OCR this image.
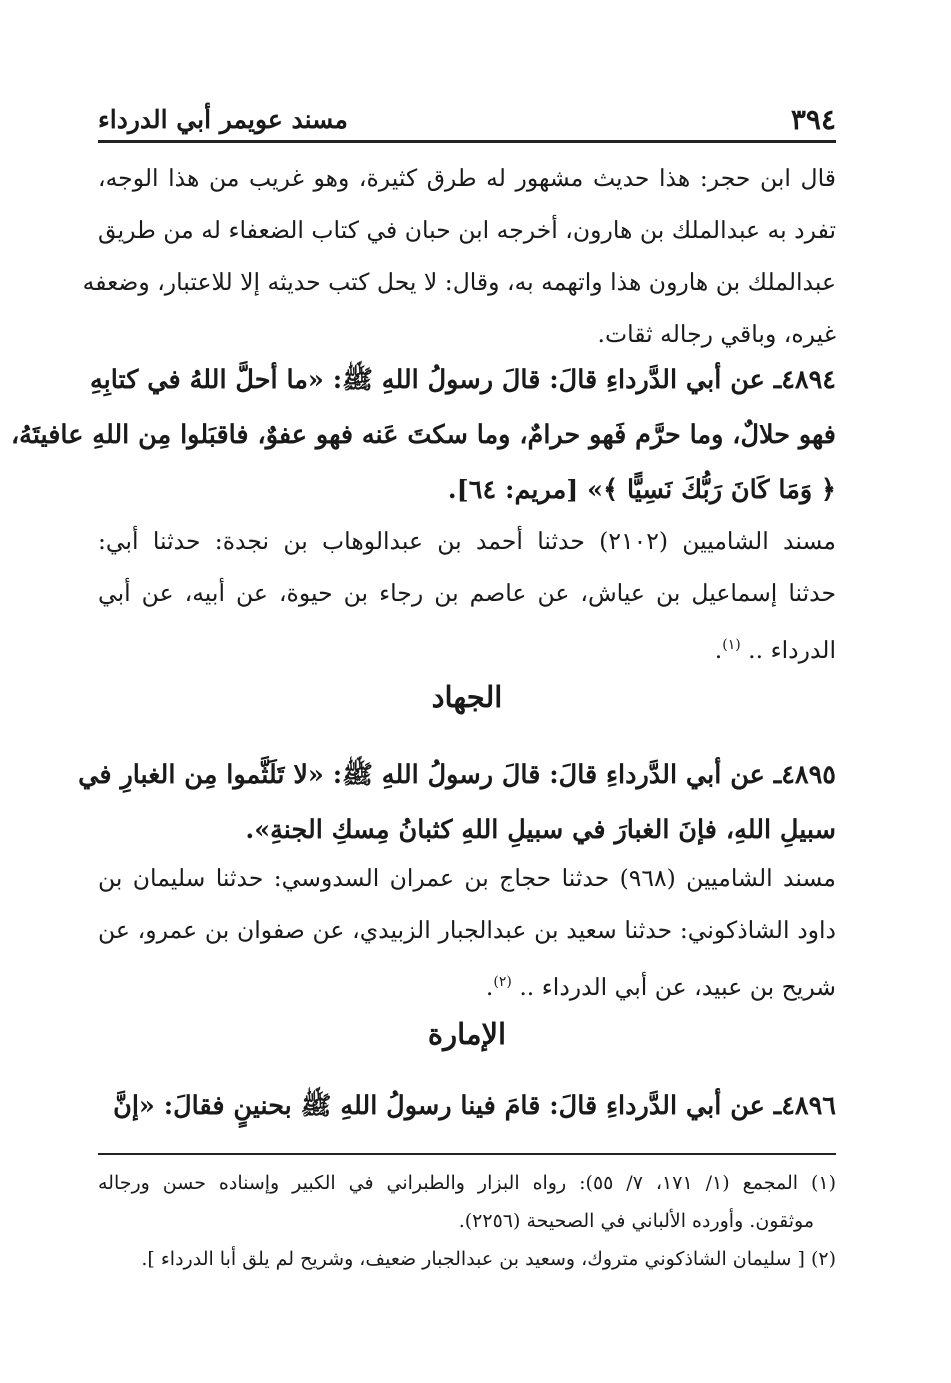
٣٩٤
مسند عويمر أبي الدرداء
قال ابن حجر: هذا حديث مشهور له طرق كثيرة، وهو غريب من هذا الوجه،
تفرد به عبدالملك بن هارون، أخرجه ابن حبان في كتاب الضعفاء له من طريق
عبدالملك بن هارون هذا واتهمه به، وقال: لا يحل كتب حديثه إلا للاعتبار، وضعفه
غيره، وباقي رجاله ثقات.
٤٨٩٤ـ عن أبي الدَّرداءِ قالَ: قالَ رسولُ اللهِ ﷺ: «ما أحلَّ اللهُ في كتابِهِ
فهو حلالٌ، وما حرَّم فَهو حرامٌ، وما سكتَ عَنه فهو عفوٌ، فاقبَلوا مِن اللهِ عافيتَهُ،
﴿ وَمَا كَانَ رَبُّكَ نَسِيًّا ﴾» [مريم: ٦٤].
مسند الشاميين (٢١٠٢) حدثنا أحمد بن عبدالوهاب بن نجدة: حدثنا أبي:
حدثنا إسماعيل بن عياش، عن عاصم بن رجاء بن حيوة، عن أبيه، عن أبي
الدرداء .. $^{(١)}$.
الجهاد
٤٨٩٥ـ عن أبي الدَّرداءِ قالَ: قالَ رسولُ اللهِ ﷺ: «لا تَلَثَّموا مِن الغبارِ في
سبيلِ اللهِ، فإنَ الغبارَ في سبيلِ اللهِ كثبانُ مِسكِ الجنةِ».
مسند الشاميين (٩٦٨) حدثنا حجاج بن عمران السدوسي: حدثنا سليمان بن
داود الشاذكوني: حدثنا سعيد بن عبدالجبار الزبيدي، عن صفوان بن عمرو، عن
شريح بن عبيد، عن أبي الدرداء .. $^{(٢)}$.
الإمارة
٤٨٩٦ـ عن أبي الدَّرداءِ قالَ: قامَ فينا رسولُ اللهِ ﷺ بحنينٍ فقالَ: «إنَّ
(١) المجمع (١/ ١٧١، ٧/ ٥٥): رواه البزار والطبراني في الكبير وإسناده حسن ورجاله
موثقون. وأورده الألباني في الصحيحة (٢٢٥٦).
(٢) [ سليمان الشاذكوني متروك، وسعيد بن عبدالجبار ضعيف، وشريح لم يلق أبا الدرداء ].
